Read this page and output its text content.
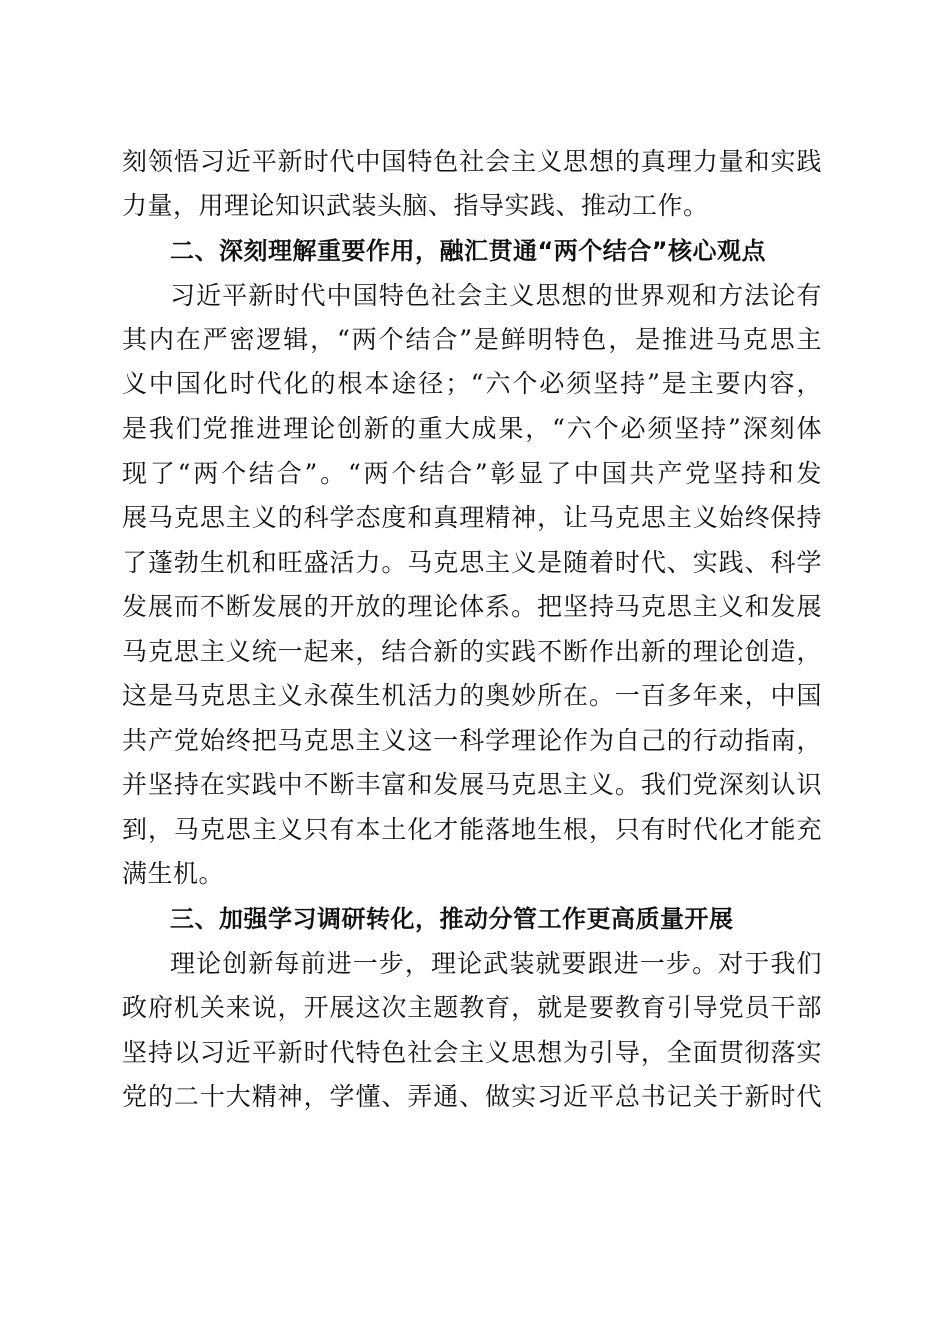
刻领悟习近平新时代中国特色社会主义思想的真理力量和实践
力量，用理论知识武装头脑、指导实践、推动工作。
二、深刻理解重要作用，融汇贯通“两个结合”核心观点
习近平新时代中国特色社会主义思想的世界观和方法论有
其内在严密逻辑，“两个结合”是鲜明特色，是推进马克思主
义中国化时代化的根本途径；“六个必须坚持”是主要内容，
是我们党推进理论创新的重大成果，“六个必须坚持”深刻体
现了“两个结合”。“两个结合”彰显了中国共产党坚持和发
展马克思主义的科学态度和真理精神，让马克思主义始终保持
了蓬勃生机和旺盛活力。马克思主义是随着时代、实践、科学
发展而不断发展的开放的理论体系。把坚持马克思主义和发展
马克思主义统一起来，结合新的实践不断作出新的理论创造，
这是马克思主义永葆生机活力的奥妙所在。一百多年来，中国
共产党始终把马克思主义这一科学理论作为自己的行动指南，
并坚持在实践中不断丰富和发展马克思主义。我们党深刻认识
到，马克思主义只有本土化才能落地生根，只有时代化才能充
满生机。
三、加强学习调研转化，推动分管工作更高质量开展
理论创新每前进一步，理论武装就要跟进一步。对于我们
政府机关来说，开展这次主题教育，就是要教育引导党员干部
坚持以习近平新时代特色社会主义思想为引导，全面贯彻落实
党的二十大精神，学懂、弄通、做实习近平总书记关于新时代
